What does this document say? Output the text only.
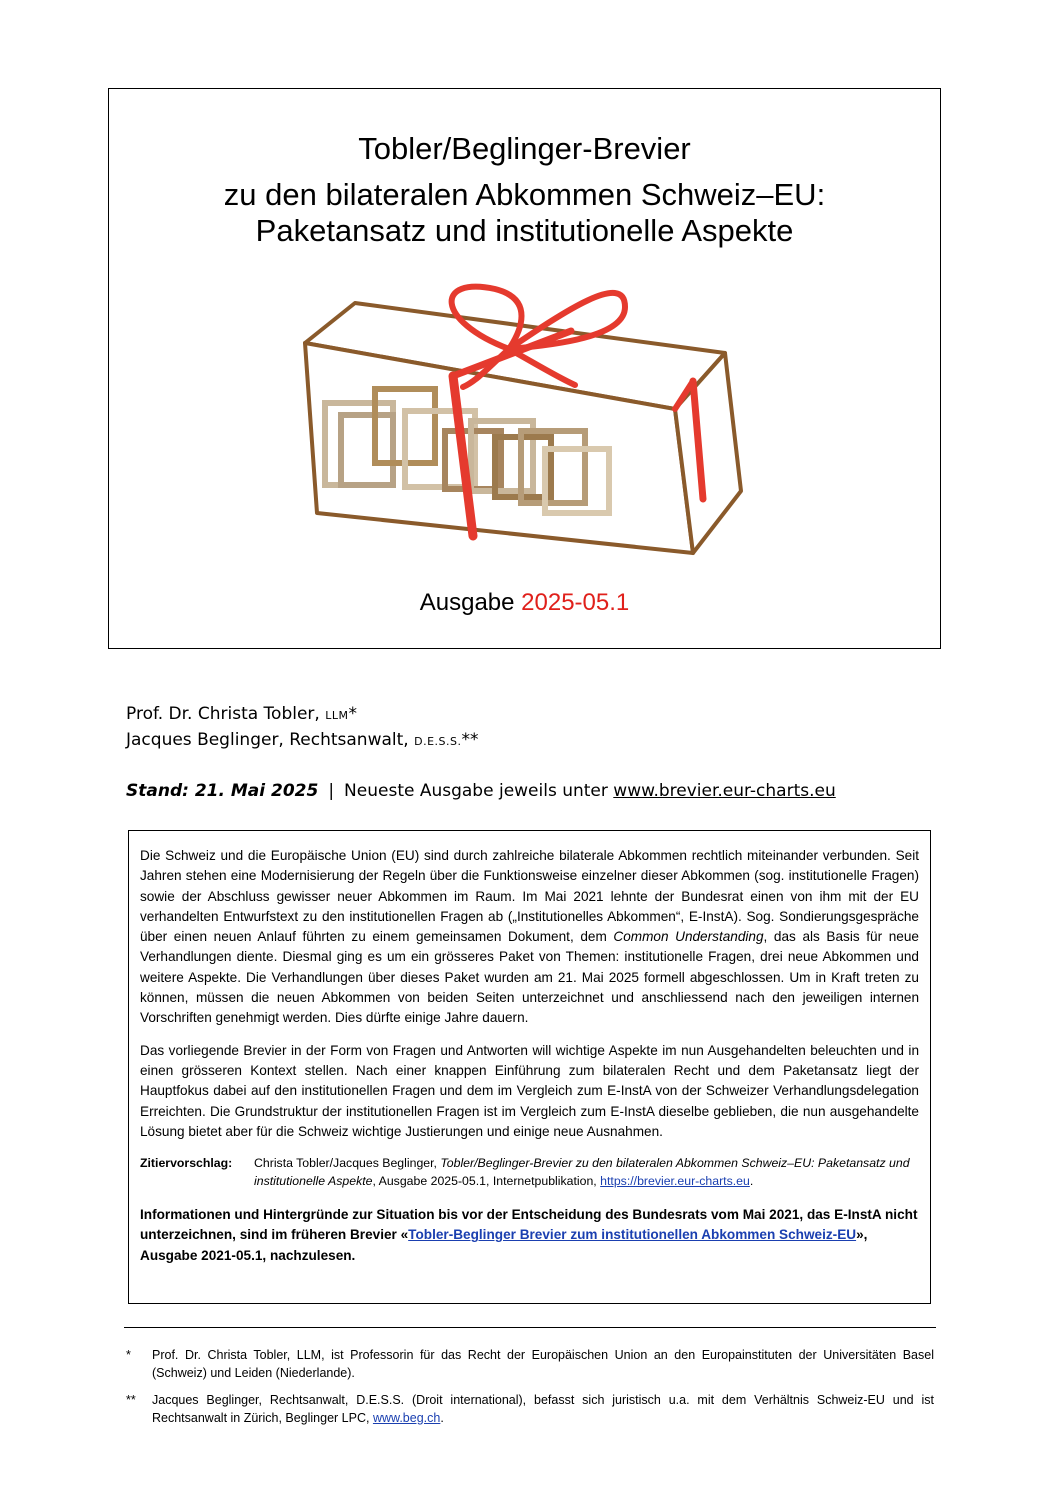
Tobler/Beglinger-Brevier
zu den bilateralen Abkommen Schweiz–EU:
Paketansatz und institutionelle Aspekte
Ausgabe 2025-05.1
Prof. Dr. Christa Tobler, LLM*
Jacques Beglinger, Rechtsanwalt, D.E.S.S.**
Stand: 21. Mai 2025 | Neueste Ausgabe jeweils unter www.brevier.eur-charts.eu

Die Schweiz und die Europäische Union (EU) sind durch zahlreiche bilaterale Abkommen rechtlich miteinander verbunden. Seit Jahren stehen eine Modernisierung der Regeln über die Funktionsweise einzelner dieser Abkommen (sog. institutionelle Fragen) sowie der Abschluss gewisser neuer Abkommen im Raum. Im Mai 2021 lehnte der Bundesrat einen von ihm mit der EU verhandelten Entwurfstext zu den institutionellen Fragen ab („Institutionelles Abkommen“, E-InstA). Sog. Sondierungsgespräche über einen neuen Anlauf führten zu einem gemeinsamen Dokument, dem Common Understanding, das als Basis für neue Verhandlungen diente. Diesmal ging es um ein grösseres Paket von Themen: institutionelle Fragen, drei neue Abkommen und weitere Aspekte. Die Verhandlungen über dieses Paket wurden am 21. Mai 2025 formell abgeschlossen. Um in Kraft treten zu können, müssen die neuen Abkommen von beiden Seiten unterzeichnet und anschliessend nach den jeweiligen internen Vorschriften genehmigt werden. Dies dürfte einige Jahre dauern.

Das vorliegende Brevier in der Form von Fragen und Antworten will wichtige Aspekte im nun Ausgehandelten beleuchten und in einen grösseren Kontext stellen. Nach einer knappen Einführung zum bilateralen Recht und dem Paketansatz liegt der Hauptfokus dabei auf den institutionellen Fragen und dem im Vergleich zum E-InstA von der Schweizer Verhandlungsdelegation Erreichten. Die Grundstruktur der institutionellen Fragen ist im Vergleich zum E-InstA dieselbe geblieben, die nun ausgehandelte Lösung bietet aber für die Schweiz wichtige Justierungen und einige neue Ausnahmen.

Zitiervorschlag:	Christa Tobler/Jacques Beglinger, Tobler/Beglinger-Brevier zu den bilateralen Abkommen Schweiz–EU: Paketansatz und institutionelle Aspekte, Ausgabe 2025-05.1, Internetpublikation, https://brevier.eur-charts.eu.
Informationen und Hintergründe zur Situation bis vor der Entscheidung des Bundesrats vom Mai 2021, das E-InstA nicht unterzeichnen, sind im früheren Brevier «Tobler-Beglinger Brevier zum institutionellen Abkommen Schweiz-EU», Ausgabe 2021-05.1, nachzulesen.
*	Prof. Dr. Christa Tobler, LLM, ist Professorin für das Recht der Europäischen Union an den Europainstituten der Universitäten Basel (Schweiz) und Leiden (Niederlande).
**	Jacques Beglinger, Rechtsanwalt, D.E.S.S. (Droit international), befasst sich juristisch u.a. mit dem Verhältnis Schweiz-EU und ist Rechtsanwalt in Zürich, Beglinger LPC, www.beg.ch.
